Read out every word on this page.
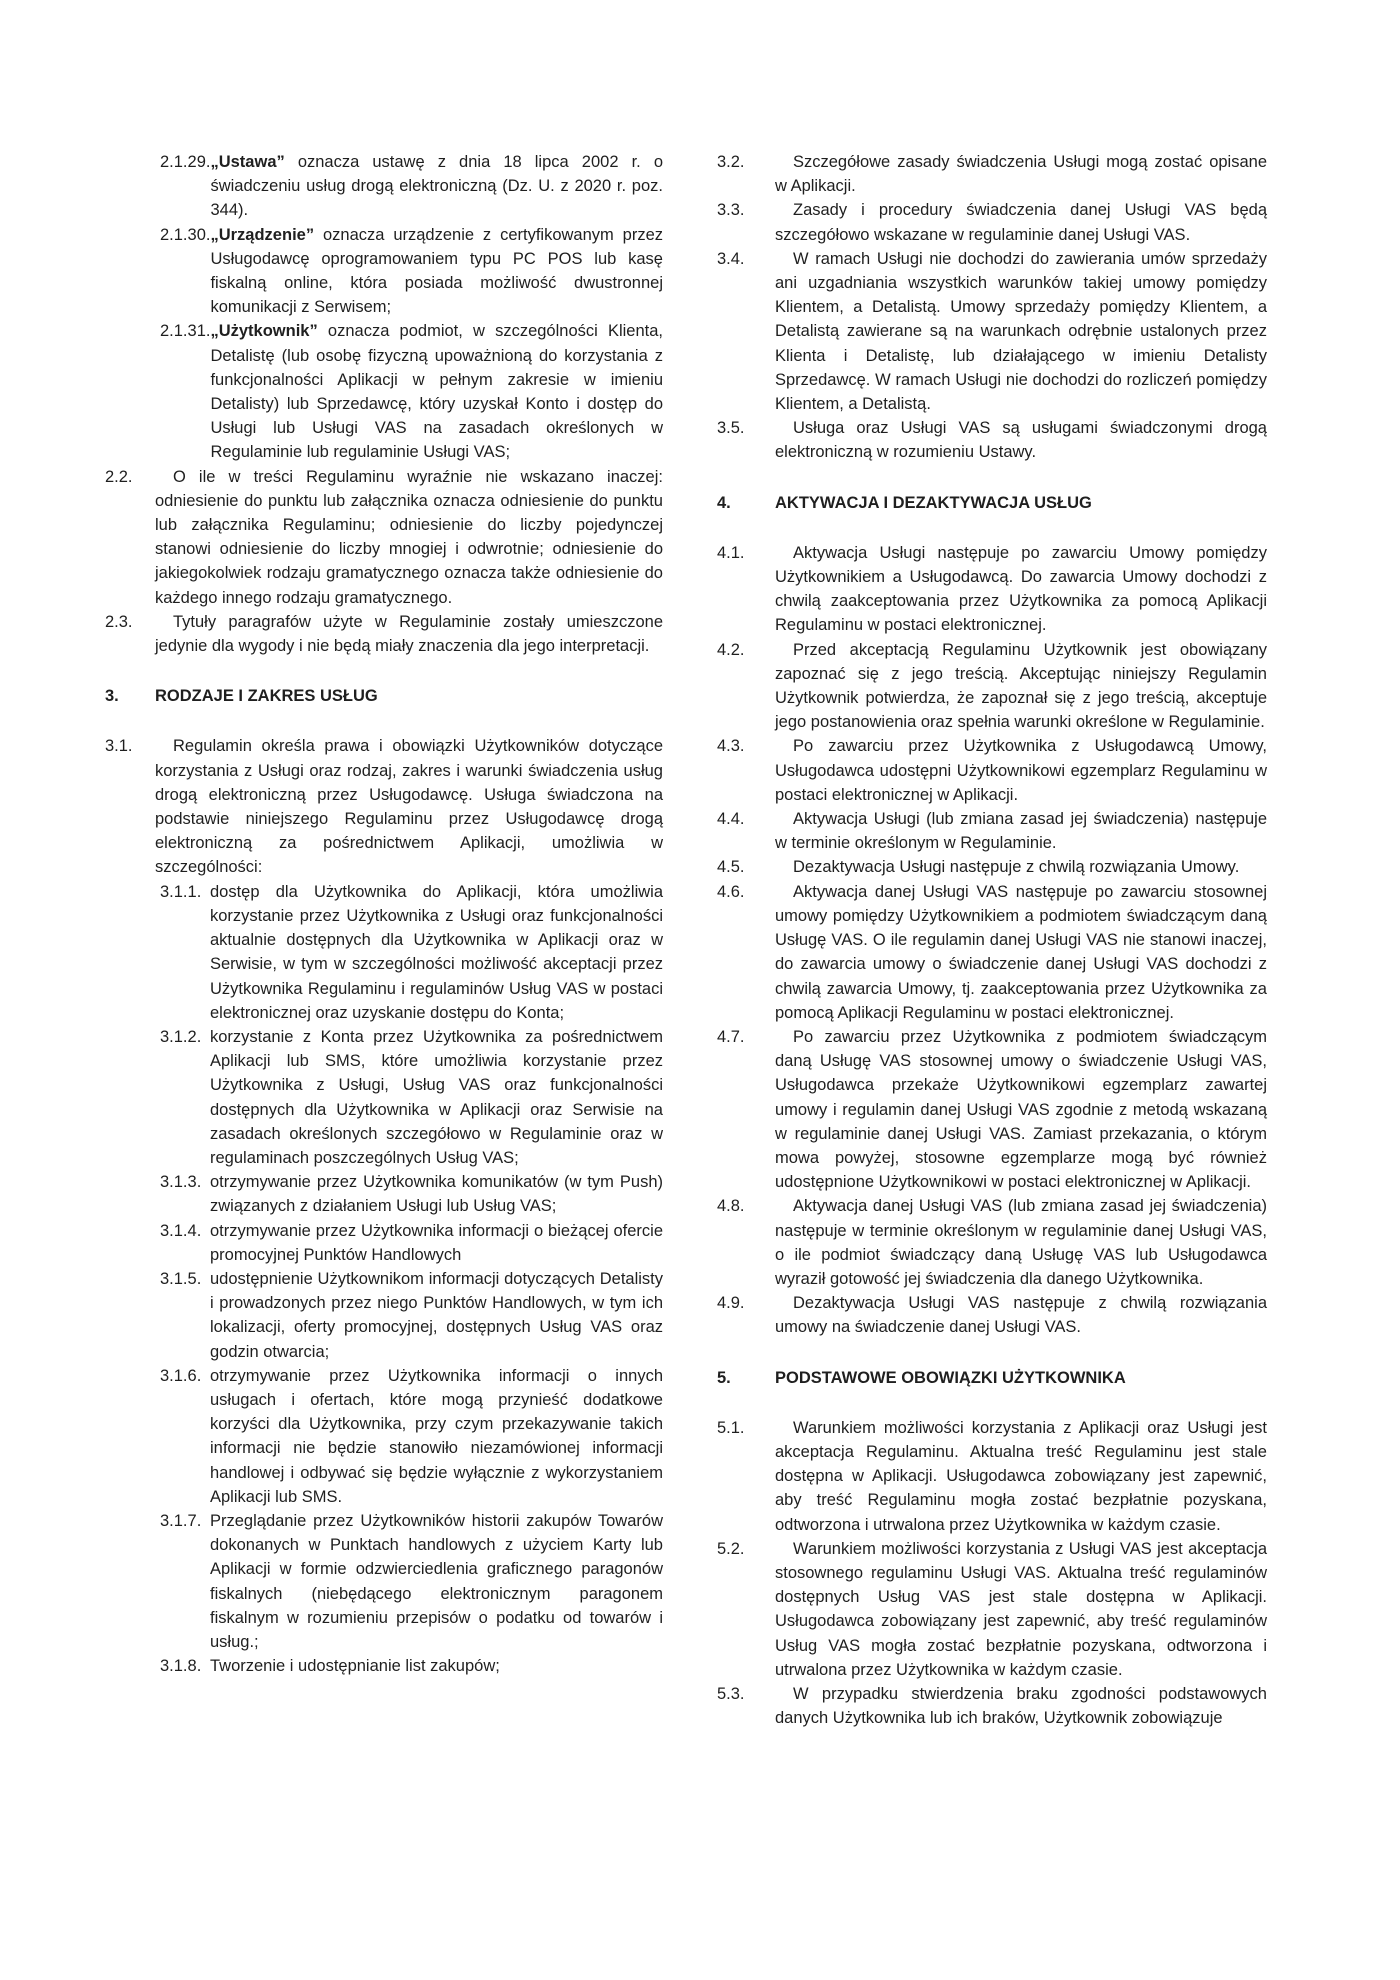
2.1.29. „Ustawa” oznacza ustawę z dnia 18 lipca 2002 r. o świadczeniu usług drogą elektroniczną (Dz. U. z 2020 r. poz. 344).
2.1.30. „Urządzenie” oznacza urządzenie z certyfikowanym przez Usługodawcę oprogramowaniem typu PC POS lub kasę fiskalną online, która posiada możliwość dwustronnej komunikacji z Serwisem;
2.1.31. „Użytkownik” oznacza podmiot, w szczególności Klienta, Detalistę (lub osobę fizyczną upoważnioną do korzystania z funkcjonalności Aplikacji w pełnym zakresie w imieniu Detalisty) lub Sprzedawcę, który uzyskał Konto i dostęp do Usługi lub Usługi VAS na zasadach określonych w Regulaminie lub regulaminie Usługi VAS;
2.2.	O ile w treści Regulaminu wyraźnie nie wskazano inaczej: odniesienie do punktu lub załącznika oznacza odniesienie do punktu lub załącznika Regulaminu; odniesienie do liczby pojedynczej stanowi odniesienie do liczby mnogiej i odwrotnie; odniesienie do jakiegokolwiek rodzaju gramatycznego oznacza także odniesienie do każdego innego rodzaju gramatycznego.
2.3.	Tytuły paragrafów użyte w Regulaminie zostały umieszczone jedynie dla wygody i nie będą miały znaczenia dla jego interpretacji.
3.	RODZAJE I ZAKRES USŁUG
3.1.	Regulamin określa prawa i obowiązki Użytkowników dotyczące korzystania z Usługi oraz rodzaj, zakres i warunki świadczenia usług drogą elektroniczną przez Usługodawcę. Usługa świadczona na podstawie niniejszego Regulaminu przez Usługodawcę drogą elektroniczną za pośrednictwem Aplikacji, umożliwia w szczególności:
3.1.1. dostęp dla Użytkownika do Aplikacji, która umożliwia korzystanie przez Użytkownika z Usługi oraz funkcjonalności aktualnie dostępnych dla Użytkownika w Aplikacji oraz w Serwisie, w tym w szczególności możliwość akceptacji przez Użytkownika Regulaminu i regulaminów Usług VAS w postaci elektronicznej oraz uzyskanie dostępu do Konta;
3.1.2. korzystanie z Konta przez Użytkownika za pośrednictwem Aplikacji lub SMS, które umożliwia korzystanie przez Użytkownika z Usługi, Usług VAS oraz funkcjonalności dostępnych dla Użytkownika w Aplikacji oraz Serwisie na zasadach określonych szczegółowo w Regulaminie oraz w regulaminach poszczególnych Usług VAS;
3.1.3. otrzymywanie przez Użytkownika komunikatów (w tym Push) związanych z działaniem Usługi lub Usług VAS;
3.1.4. otrzymywanie przez Użytkownika informacji o bieżącej ofercie promocyjnej Punktów Handlowych
3.1.5. udostępnienie Użytkownikom informacji dotyczących Detalisty i prowadzonych przez niego Punktów Handlowych, w tym ich lokalizacji, oferty promocyjnej, dostępnych Usług VAS oraz godzin otwarcia;
3.1.6. otrzymywanie przez Użytkownika informacji o innych usługach i ofertach, które mogą przynieść dodatkowe korzyści dla Użytkownika, przy czym przekazywanie takich informacji nie będzie stanowiło niezamówionej informacji handlowej i odbywać się będzie wyłącznie z wykorzystaniem Aplikacji lub SMS.
3.1.7. Przeglądanie przez Użytkowników historii zakupów Towarów dokonanych w Punktach handlowych z użyciem Karty lub Aplikacji w formie odzwierciedlenia graficznego paragonów fiskalnych (niebędącego elektronicznym paragonem fiskalnym w rozumieniu przepisów o podatku od towarów i usług.;
3.1.8. Tworzenie i udostępnianie list zakupów;
3.2.	Szczegółowe zasady świadczenia Usługi mogą zostać opisane w Aplikacji.
3.3.	Zasady i procedury świadczenia danej Usługi VAS będą szczegółowo wskazane w regulaminie danej Usługi VAS.
3.4.	W ramach Usługi nie dochodzi do zawierania umów sprzedaży ani uzgadniania wszystkich warunków takiej umowy pomiędzy Klientem, a Detalistą. Umowy sprzedaży pomiędzy Klientem, a Detalistą zawierane są na warunkach odrębnie ustalonych przez Klienta i Detalistę, lub działającego w imieniu Detalisty Sprzedawcę. W ramach Usługi nie dochodzi do rozliczeń pomiędzy Klientem, a Detalistą.
3.5.	Usługa oraz Usługi VAS są usługami świadczonymi drogą elektroniczną w rozumieniu Ustawy.
4.	AKTYWACJA I DEZAKTYWACJA USŁUG
4.1.	Aktywacja Usługi następuje po zawarciu Umowy pomiędzy Użytkownikiem a Usługodawcą. Do zawarcia Umowy dochodzi z chwilą zaakceptowania przez Użytkownika za pomocą Aplikacji Regulaminu w postaci elektronicznej.
4.2.	Przed akceptacją Regulaminu Użytkownik jest obowiązany zapoznać się z jego treścią. Akceptując niniejszy Regulamin Użytkownik potwierdza, że zapoznał się z jego treścią, akceptuje jego postanowienia oraz spełnia warunki określone w Regulaminie.
4.3.	Po zawarciu przez Użytkownika z Usługodawcą Umowy, Usługodawca udostępni Użytkownikowi egzemplarz Regulaminu w postaci elektronicznej w Aplikacji.
4.4.	Aktywacja Usługi (lub zmiana zasad jej świadczenia) następuje w terminie określonym w Regulaminie.
4.5.	Dezaktywacja Usługi następuje z chwilą rozwiązania Umowy.
4.6.	Aktywacja danej Usługi VAS następuje po zawarciu stosownej umowy pomiędzy Użytkownikiem a podmiotem świadczącym daną Usługę VAS. O ile regulamin danej Usługi VAS nie stanowi inaczej, do zawarcia umowy o świadczenie danej Usługi VAS dochodzi z chwilą zawarcia Umowy, tj. zaakceptowania przez Użytkownika za pomocą Aplikacji Regulaminu w postaci elektronicznej.
4.7.	Po zawarciu przez Użytkownika z podmiotem świadczącym daną Usługę VAS stosownej umowy o świadczenie Usługi VAS, Usługodawca przekaże Użytkownikowi egzemplarz zawartej umowy i regulamin danej Usługi VAS zgodnie z metodą wskazaną w regulaminie danej Usługi VAS. Zamiast przekazania, o którym mowa powyżej, stosowne egzemplarze mogą być również udostępnione Użytkownikowi w postaci elektronicznej w Aplikacji.
4.8.	Aktywacja danej Usługi VAS (lub zmiana zasad jej świadczenia) następuje w terminie określonym w regulaminie danej Usługi VAS, o ile podmiot świadczący daną Usługę VAS lub Usługodawca wyraził gotowość jej świadczenia dla danego Użytkownika.
4.9.	Dezaktywacja Usługi VAS następuje z chwilą rozwiązania umowy na świadczenie danej Usługi VAS.
5.	PODSTAWOWE OBOWIĄZKI UŻYTKOWNIKA
5.1.	Warunkiem możliwości korzystania z Aplikacji oraz Usługi jest akceptacja Regulaminu. Aktualna treść Regulaminu jest stale dostępna w Aplikacji. Usługodawca zobowiązany jest zapewnić, aby treść Regulaminu mogła zostać bezpłatnie pozyskana, odtworzona i utrwalona przez Użytkownika w każdym czasie.
5.2.	Warunkiem możliwości korzystania z Usługi VAS jest akceptacja stosownego regulaminu Usługi VAS. Aktualna treść regulaminów dostępnych Usług VAS jest stale dostępna w Aplikacji. Usługodawca zobowiązany jest zapewnić, aby treść regulaminów Usług VAS mogła zostać bezpłatnie pozyskana, odtworzona i utrwalona przez Użytkownika w każdym czasie.
5.3.	W przypadku stwierdzenia braku zgodności podstawowych danych Użytkownika lub ich braków, Użytkownik zobowiązuje
